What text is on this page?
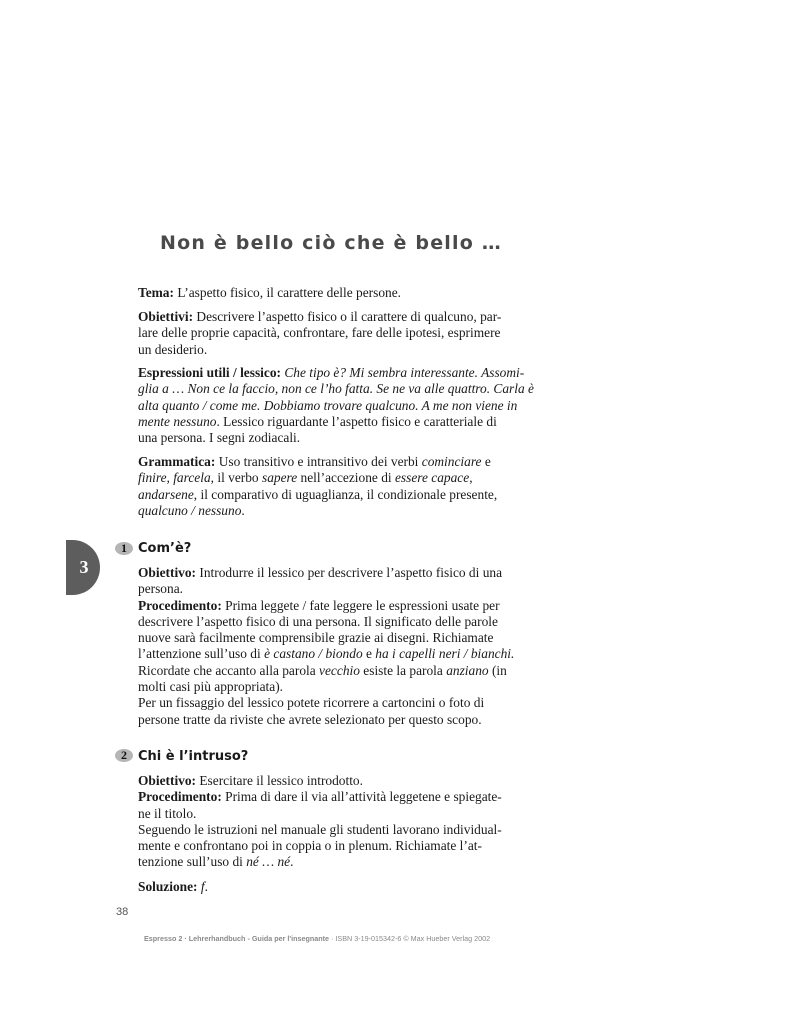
Non è bello ciò che è bello …
Tema: L’aspetto fisico, il carattere delle persone.
Obiettivi: Descrivere l’aspetto fisico o il carattere di qualcuno, par-
lare delle proprie capacità, confrontare, fare delle ipotesi, esprimere
un desiderio.
Espressioni utili / lessico: Che tipo è? Mi sembra interessante. Assomi-
glia a … Non ce la faccio, non ce l’ho fatta. Se ne va alle quattro. Carla è
alta quanto / come me. Dobbiamo trovare qualcuno. A me non viene in
mente nessuno. Lessico riguardante l’aspetto fisico e caratteriale di
una persona. I segni zodiacali.
Grammatica: Uso transitivo e intransitivo dei verbi cominciare e
finire, farcela, il verbo sapere nell’accezione di essere capace,
andarsene, il comparativo di uguaglianza, il condizionale presente,
qualcuno / nessuno.
3
1 Com’è?
Obiettivo: Introdurre il lessico per descrivere l’aspetto fisico di una
persona.
Procedimento: Prima leggete / fate leggere le espressioni usate per
descrivere l’aspetto fisico di una persona. Il significato delle parole
nuove sarà facilmente comprensibile grazie ai disegni. Richiamate
l’attenzione sull’uso di è castano / biondo e ha i capelli neri / bianchi.
Ricordate che accanto alla parola vecchio esiste la parola anziano (in
molti casi più appropriata).
Per un fissaggio del lessico potete ricorrere a cartoncini o foto di
persone tratte da riviste che avrete selezionato per questo scopo.
2 Chi è l’intruso?
Obiettivo: Esercitare il lessico introdotto.
Procedimento: Prima di dare il via all’attività leggetene e spiegate-
ne il titolo.
Seguendo le istruzioni nel manuale gli studenti lavorano individual-
mente e confrontano poi in coppia o in plenum. Richiamate l’at-
tenzione sull’uso di né … né.
Soluzione: f.
38
Espresso 2 · Lehrerhandbuch - Guida per l'insegnante · ISBN 3-19-015342-6 © Max Hueber Verlag 2002
